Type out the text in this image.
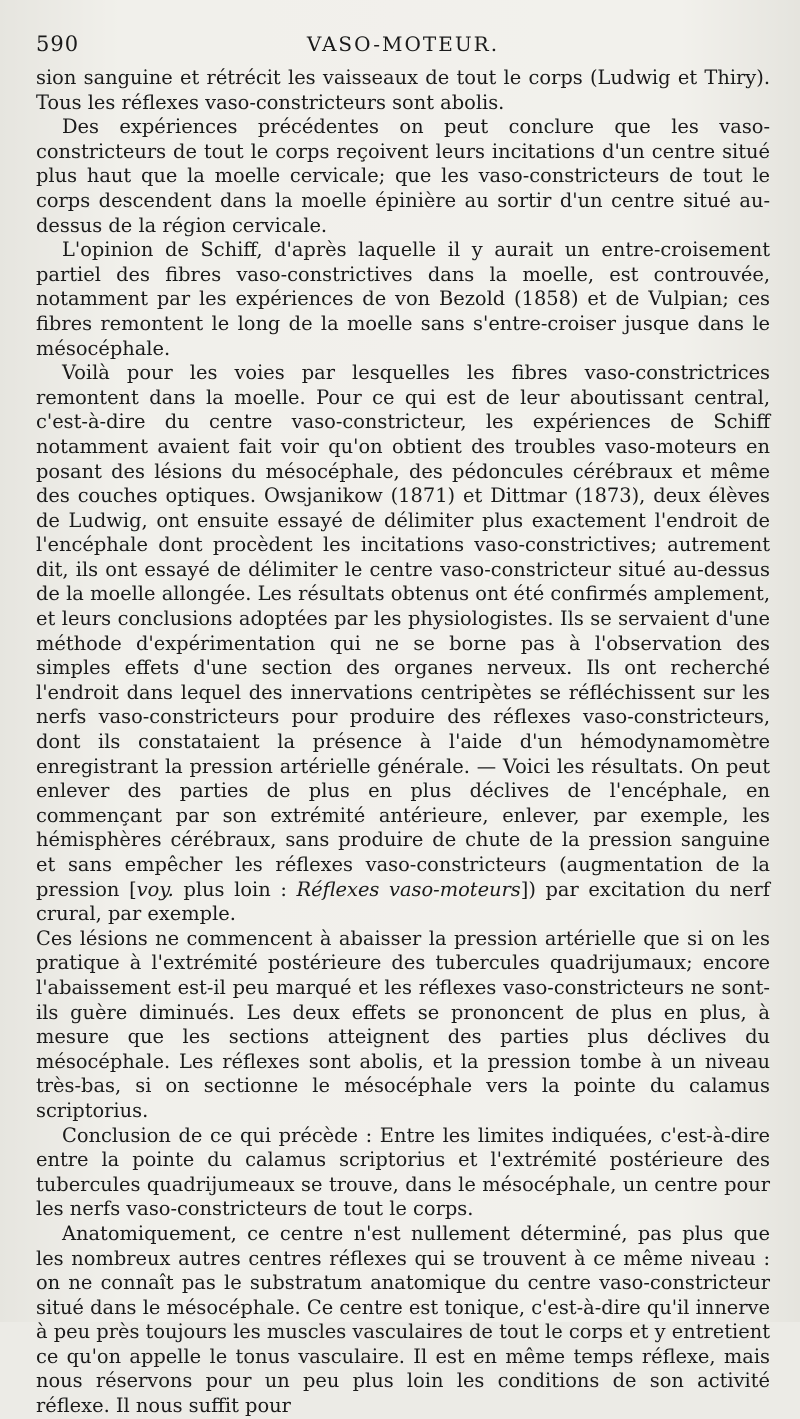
590	VASO-MOTEUR.

sion sanguine et rétrécit les vaisseaux de tout le corps (Ludwig et Thiry). Tous les réflexes vaso-constricteurs sont abolis.

Des expériences précédentes on peut conclure que les vaso-constricteurs de tout le corps reçoivent leurs incitations d'un centre situé plus haut que la moelle cervicale; que les vaso-constricteurs de tout le corps descendent dans la moelle épinière au sortir d'un centre situé au-dessus de la région cervicale.

L'opinion de Schiff, d'après laquelle il y aurait un entre-croisement partiel des fibres vaso-constrictives dans la moelle, est controuvée, notamment par les expériences de von Bezold (1858) et de Vulpian; ces fibres remontent le long de la moelle sans s'entre-croiser jusque dans le mésocéphale.

Voilà pour les voies par lesquelles les fibres vaso-constrictrices remontent dans la moelle. Pour ce qui est de leur aboutissant central, c'est-à-dire du centre vaso-constricteur, les expériences de Schiff notamment avaient fait voir qu'on obtient des troubles vaso-moteurs en posant des lésions du mésocéphale, des pédoncules cérébraux et même des couches optiques. Owsjanikow (1871) et Dittmar (1873), deux élèves de Ludwig, ont ensuite essayé de délimiter plus exactement l'endroit de l'encéphale dont procèdent les incitations vaso-constrictives; autrement dit, ils ont essayé de délimiter le centre vaso-constricteur situé au-dessus de la moelle allongée. Les résultats obtenus ont été confirmés amplement, et leurs conclusions adoptées par les physiologistes. Ils se servaient d'une méthode d'expérimentation qui ne se borne pas à l'observation des simples effets d'une section des organes nerveux. Ils ont recherché l'endroit dans lequel des innervations centripètes se réfléchissent sur les nerfs vaso-constricteurs pour produire des réflexes vaso-constricteurs, dont ils constataient la présence à l'aide d'un hémodynamomètre enregistrant la pression artérielle générale. — Voici les résultats. On peut enlever des parties de plus en plus déclives de l'encéphale, en commençant par son extrémité antérieure, enlever, par exemple, les hémisphères cérébraux, sans produire de chute de la pression sanguine et sans empêcher les réflexes vaso-constricteurs (augmentation de la pression [voy. plus loin : Réflexes vaso-moteurs]) par excitation du nerf crural, par exemple.

Ces lésions ne commencent à abaisser la pression artérielle que si on les pratique à l'extrémité postérieure des tubercules quadrijumaux; encore l'abaissement est-il peu marqué et les réflexes vaso-constricteurs ne sont-ils guère diminués. Les deux effets se prononcent de plus en plus, à mesure que les sections atteignent des parties plus déclives du mésocéphale. Les réflexes sont abolis, et la pression tombe à un niveau très-bas, si on sectionne le mésocéphale vers la pointe du calamus scriptorius.

Conclusion de ce qui précède : Entre les limites indiquées, c'est-à-dire entre la pointe du calamus scriptorius et l'extrémité postérieure des tubercules quadrijumeaux se trouve, dans le mésocéphale, un centre pour les nerfs vaso-constricteurs de tout le corps.

Anatomiquement, ce centre n'est nullement déterminé, pas plus que les nombreux autres centres réflexes qui se trouvent à ce même niveau : on ne connaît pas le substratum anatomique du centre vaso-constricteur situé dans le mésocéphale. Ce centre est tonique, c'est-à-dire qu'il innerve à peu près toujours les muscles vasculaires de tout le corps et y entretient ce qu'on appelle le tonus vasculaire. Il est en même temps réflexe, mais nous réservons pour un peu plus loin les conditions de son activité réflexe. Il nous suffit pour
